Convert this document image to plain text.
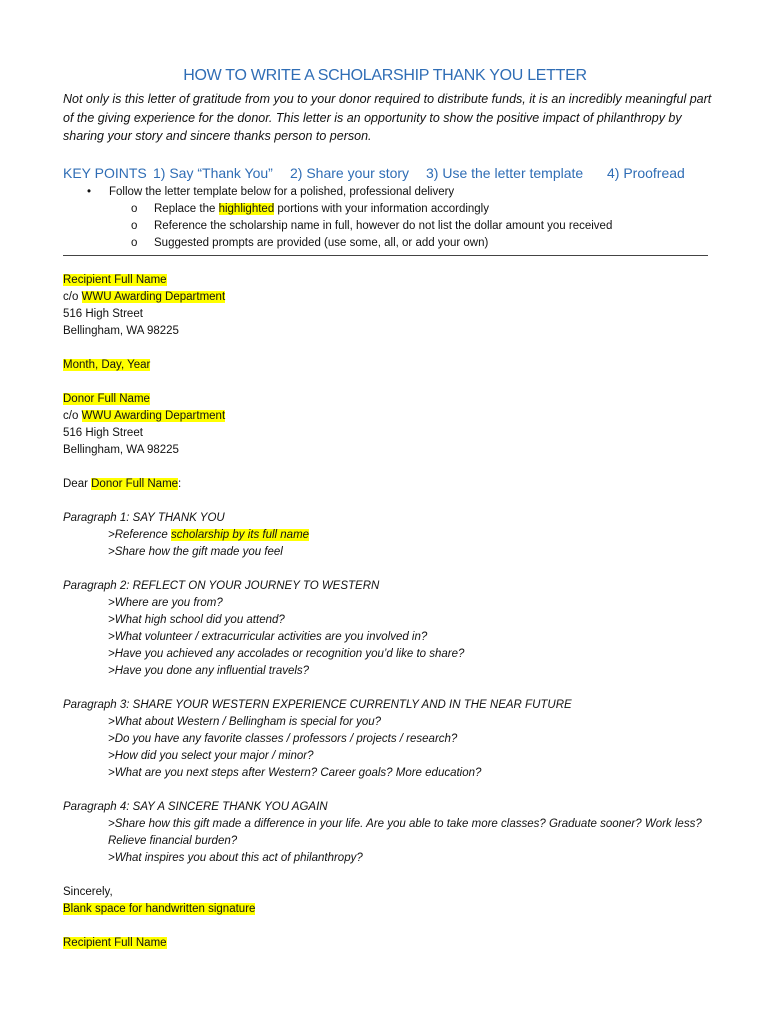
HOW TO WRITE A SCHOLARSHIP THANK YOU LETTER
Not only is this letter of gratitude from you to your donor required to distribute funds, it is an incredibly meaningful part of the giving experience for the donor. This letter is an opportunity to show the positive impact of philanthropy by sharing your story and sincere thanks person to person.
KEY POINTS 1) Say “Thank You”	2) Share your story	3) Use the letter template	4) Proofread
• Follow the letter template below for a polished, professional delivery
o Replace the highlighted portions with your information accordingly
o Reference the scholarship name in full, however do not list the dollar amount you received
o Suggested prompts are provided (use some, all, or add your own)
Recipient Full Name
c/o WWU Awarding Department
516 High Street
Bellingham, WA 98225
Month, Day, Year
Donor Full Name
c/o WWU Awarding Department
516 High Street
Bellingham, WA 98225
Dear Donor Full Name:
Paragraph 1: SAY THANK YOU
>Reference scholarship by its full name
>Share how the gift made you feel
Paragraph 2: REFLECT ON YOUR JOURNEY TO WESTERN
>Where are you from?
>What high school did you attend?
>What volunteer / extracurricular activities are you involved in?
>Have you achieved any accolades or recognition you’d like to share?
>Have you done any influential travels?
Paragraph 3: SHARE YOUR WESTERN EXPERIENCE CURRENTLY AND IN THE NEAR FUTURE
>What about Western / Bellingham is special for you?
>Do you have any favorite classes / professors / projects / research?
>How did you select your major / minor?
>What are you next steps after Western? Career goals? More education?
Paragraph 4: SAY A SINCERE THANK YOU AGAIN
>Share how this gift made a difference in your life. Are you able to take more classes? Graduate sooner? Work less?
Relieve financial burden?
>What inspires you about this act of philanthropy?
Sincerely,
Blank space for handwritten signature
Recipient Full Name
